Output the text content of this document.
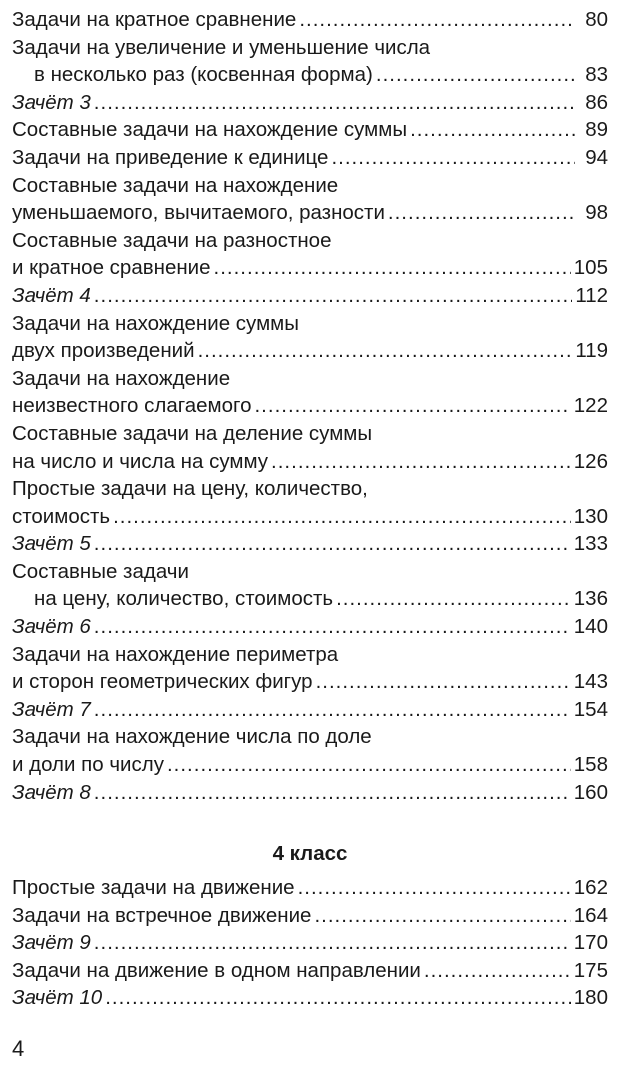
Задачи на кратное сравнение .....	80
Задачи на увеличение и уменьшение числа
в несколько раз (косвенная форма) .....	83
Зачёт 3 .....	86
Составные задачи на нахождение суммы .....	89
Задачи на приведение к единице .....	94
Составные задачи на нахождение
уменьшаемого, вычитаемого, разности .....	98
Составные задачи на разностное
и кратное сравнение .....	105
Зачёт 4 .....	112
Задачи на нахождение суммы
двух произведений .....	119
Задачи на нахождение
неизвестного слагаемого .....	122
Составные задачи на деление суммы
на число и числа на сумму .....	126
Простые задачи на цену, количество,
стоимость .....	130
Зачёт 5 .....	133
Составные задачи
на цену, количество, стоимость .....	136
Зачёт 6 .....	140
Задачи на нахождение периметра
и сторон геометрических фигур .....	143
Зачёт 7 .....	154
Задачи на нахождение числа по доле
и доли по числу .....	158
Зачёт 8 .....	160
4 класс
Простые задачи на движение .....	162
Задачи на встречное движение .....	164
Зачёт 9 .....	170
Задачи на движение в одном направлении .....	175
Зачёт 10 .....	180

4
